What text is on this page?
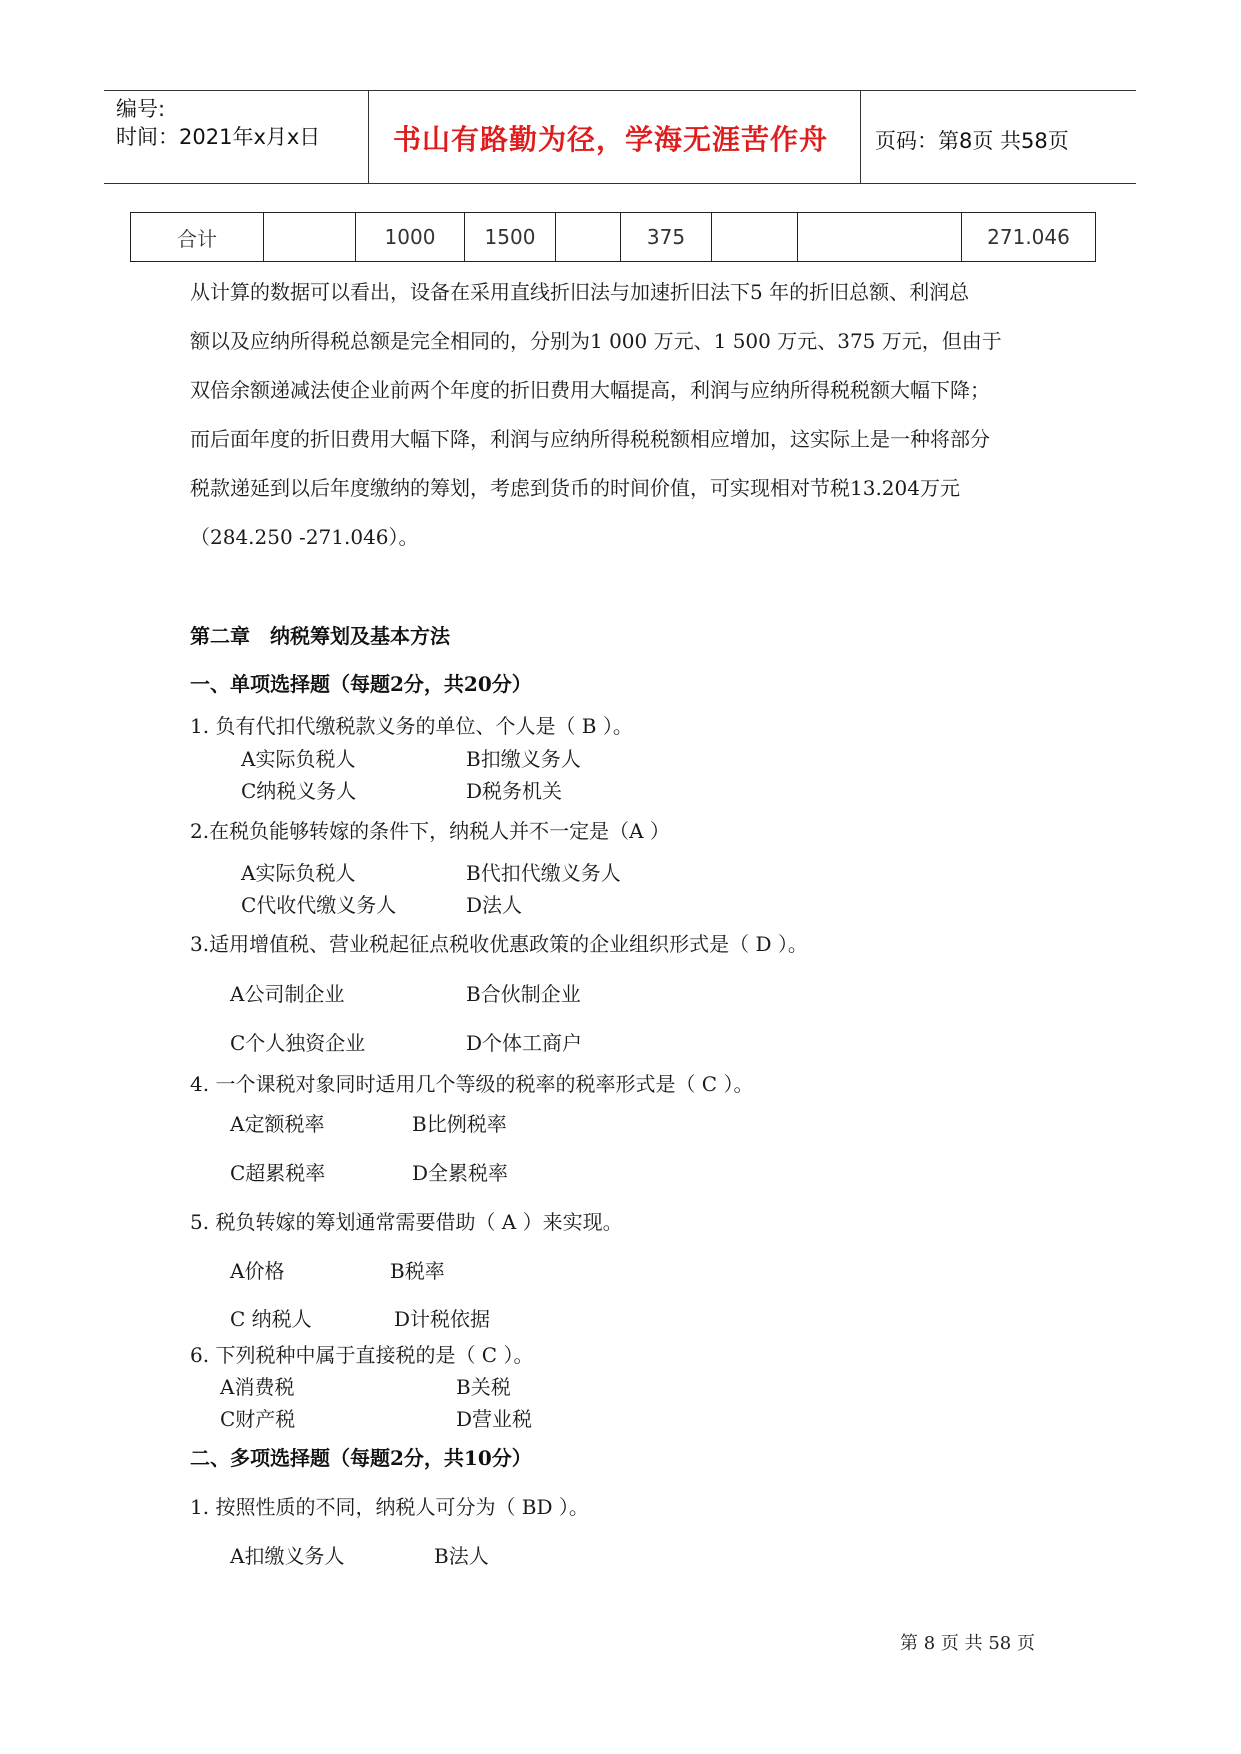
编号:
时间：2021年x月x日	书山有路勤为径，学海无涯苦作舟 页码：第8页 共58页
合计		1000	1500		375			271.046
从计算的数据可以看出，设备在采用直线折旧法与加速折旧法下5 年的折旧总额、利润总
额以及应纳所得税总额是完全相同的，分别为1 000 万元、1 500 万元、375 万元，但由于
双倍余额递减法使企业前两个年度的折旧费用大幅提高，利润与应纳所得税税额大幅下降；
而后面年度的折旧费用大幅下降，利润与应纳所得税税额相应增加，这实际上是一种将部分
税款递延到以后年度缴纳的筹划，考虑到货币的时间价值，可实现相对节税13.204万元
（284.250 -271.046）。
第二章　纳税筹划及基本方法
一、单项选择题（每题2分，共20分）
1. 负有代扣代缴税款义务的单位、个人是（ B ）。
A实际负税人	B扣缴义务人
C纳税义务人	D税务机关
2.在税负能够转嫁的条件下，纳税人并不一定是（A ）
A实际负税人	B代扣代缴义务人
C代收代缴义务人	D法人
3.适用增值税、营业税起征点税收优惠政策的企业组织形式是（ D ）。
A公司制企业	B合伙制企业
C个人独资企业	D个体工商户
4. 一个课税对象同时适用几个等级的税率的税率形式是（ C ）。
A定额税率	B比例税率
C超累税率	D全累税率
5. 税负转嫁的筹划通常需要借助（ A ）来实现。
A价格	B税率
C 纳税人	D计税依据
6. 下列税种中属于直接税的是（ C ）。
A消费税	B关税
C财产税	D营业税
二、多项选择题（每题2分，共10分）
1. 按照性质的不同，纳税人可分为（ BD ）。
A扣缴义务人	B法人
第 8 页 共 58 页
